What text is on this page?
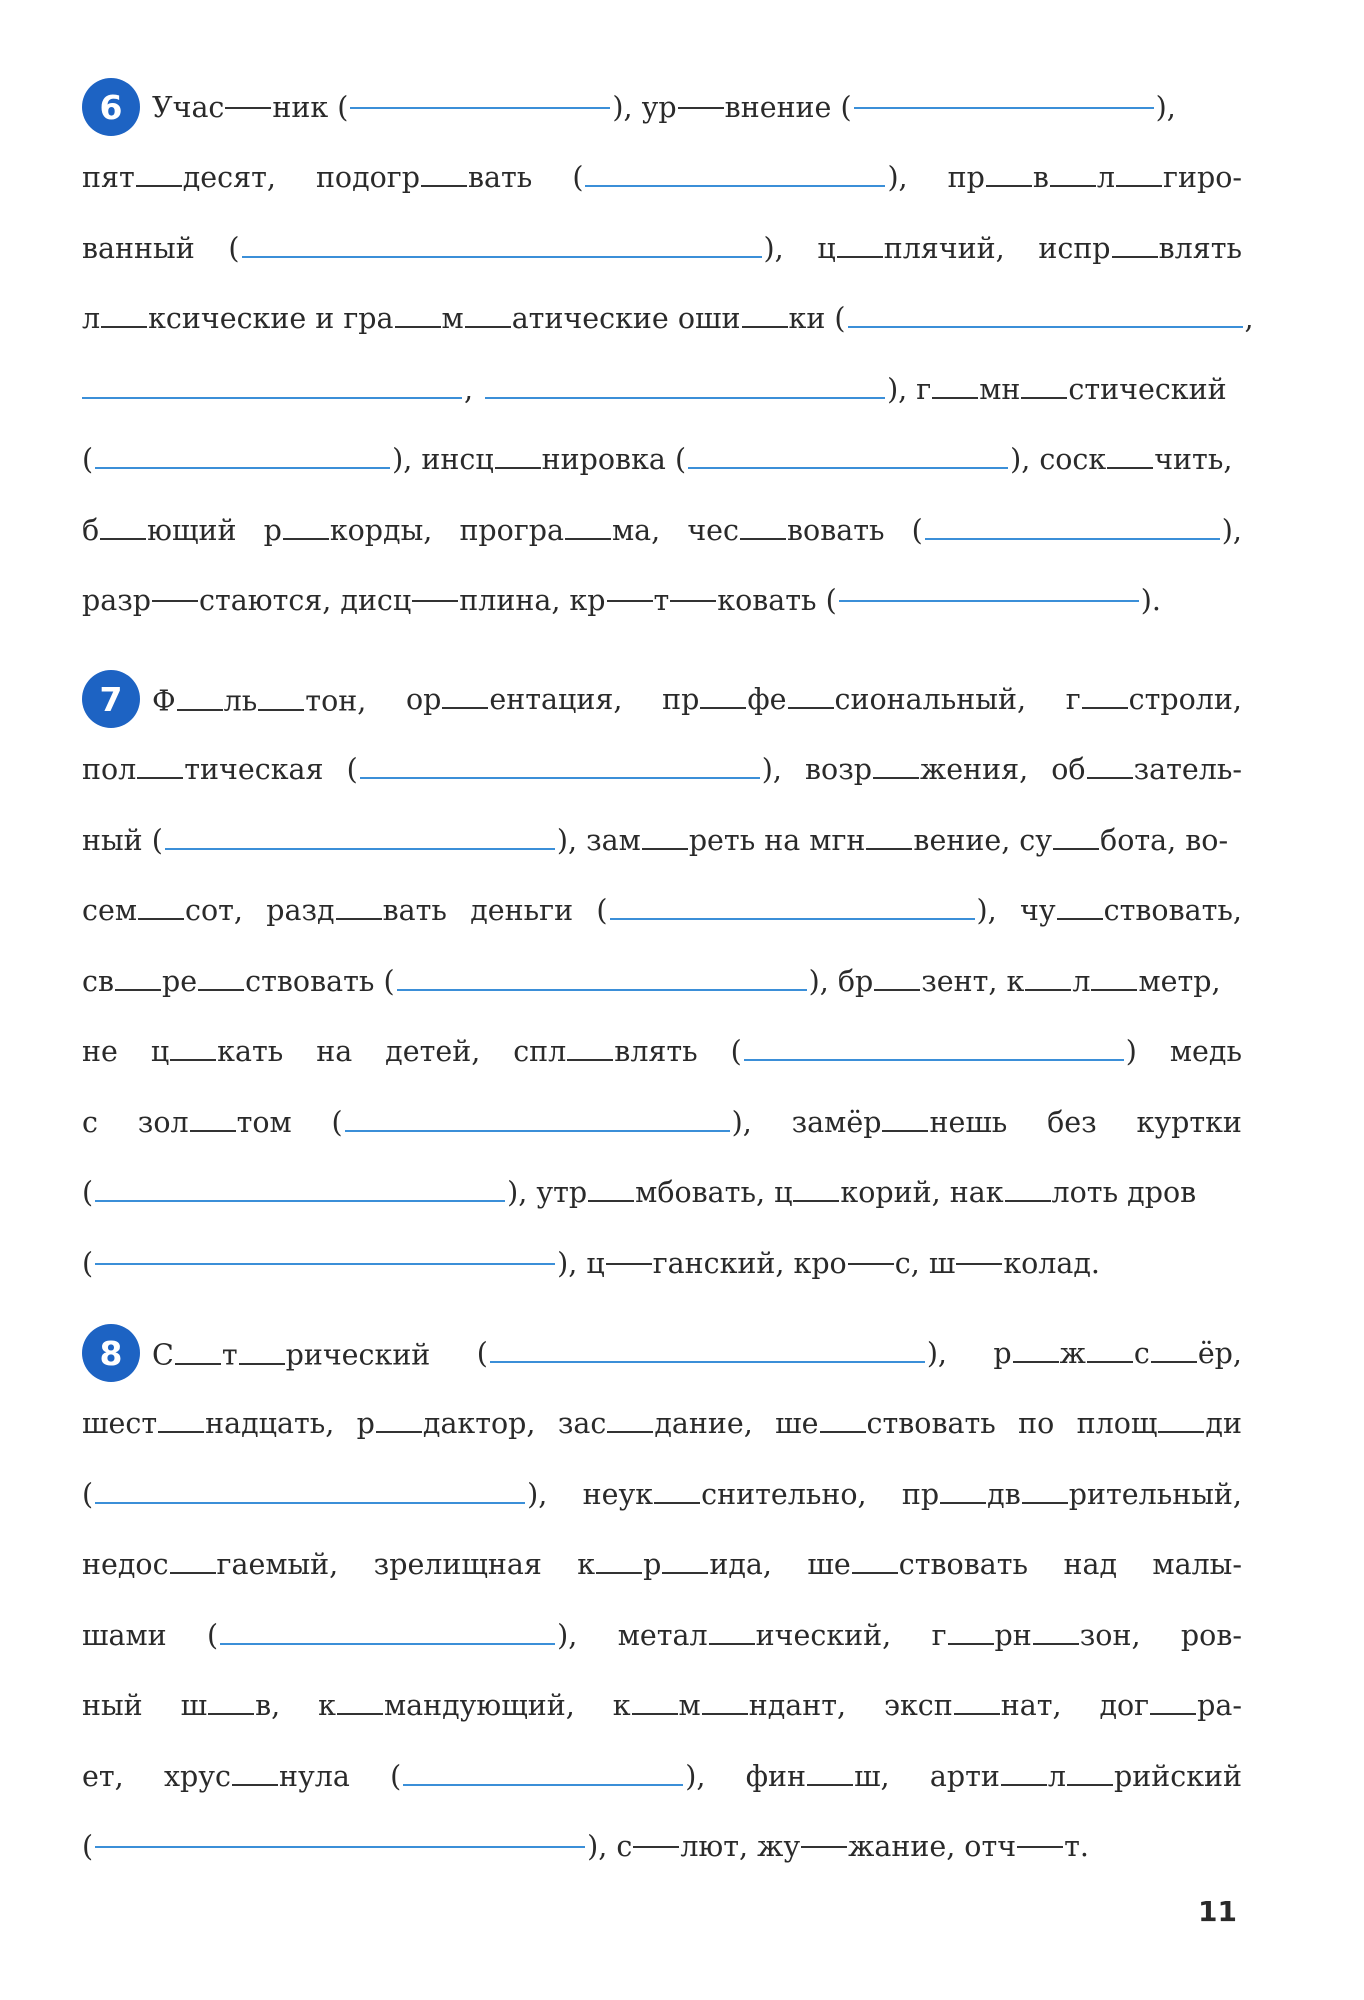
6	Учас ник (	), ур внение (	),
пят десят, подогр вать (	), пр в л гиро-
ванный (	), ц плячий, испр влять
л ксические и гра м атические оши ки (	,
,	), г мн стический
(	), инсц нировка (	), соск чить,
б ющий р корды, програ ма, чес вовать (	),
разр стаются, дисц плина, кр т ковать (	).
7 Ф ль тон, ор ентация, пр фе сиональный, г строли,
пол тическая (	), возр жения, об затель-
ный (	), зам реть на мгн вение, су бота, во-
сем сот, разд вать деньги (	), чу ствовать,
св ре ствовать (	), бр зент, к л метр,
не ц кать на детей, спл влять (	) медь
с зол том (	), замёр нешь без куртки
(	), утр мбовать, ц корий, нак лоть дров
(	), ц ганский, кро с, ш колад.
8 С т рический (	), р ж с ёр,
шест надцать, р дактор, зас дание, ше ствовать по площ ди
(	), неук снительно, пр дв рительный,
недос гаемый, зрелищная к р ида, ше ствовать над малы-
шами (	), метал ический, г рн зон, ров-
ный ш в, к мандующий, к м ндант, эксп нат, дог ра-
ет, хрус нула (	), фин ш, арти л рийский
(	), с лют, жу жание, отч т.
11
